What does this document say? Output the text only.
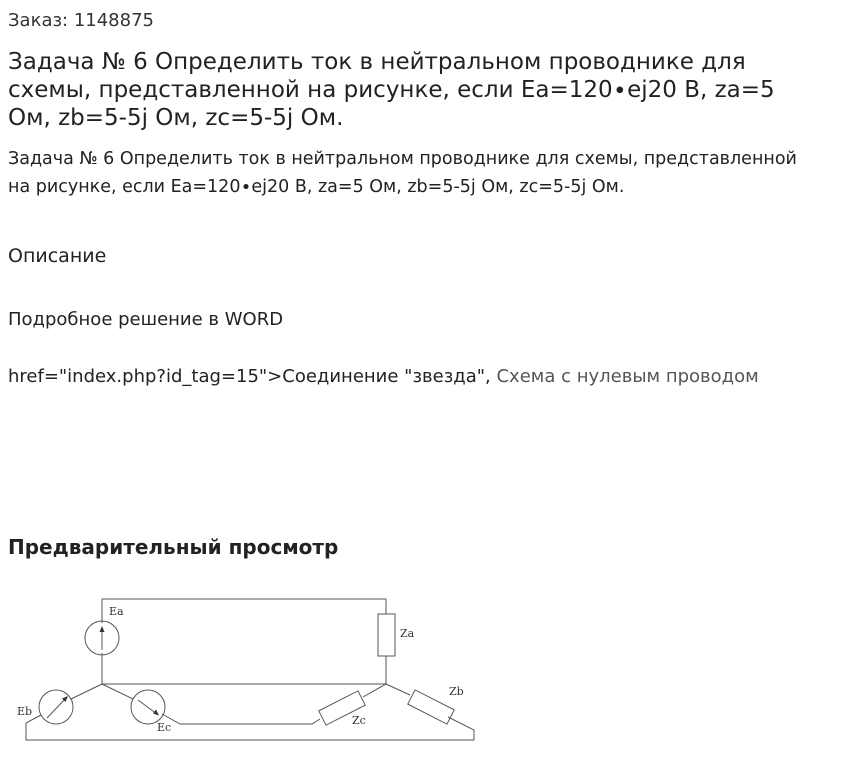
Заказ: 1148875
Задача № 6 Определить ток в нейтральном проводнике для схемы, представленной на рисунке, если Ea=120∙ej20 В, za=5 Ом, zb=5-5j Ом, zc=5-5j Ом.
Задача № 6 Определить ток в нейтральном проводнике для схемы, представленной на рисунке, если Ea=120∙ej20 В, za=5 Ом, zb=5-5j Ом, zc=5-5j Ом.
Описание
Подробное решение в WORD
href="index.php?id_tag=15">Соединение "звезда", Схема с нулевым проводом
Предварительный просмотр
Ea
Za
Eb
Ec
Zc
Zb
